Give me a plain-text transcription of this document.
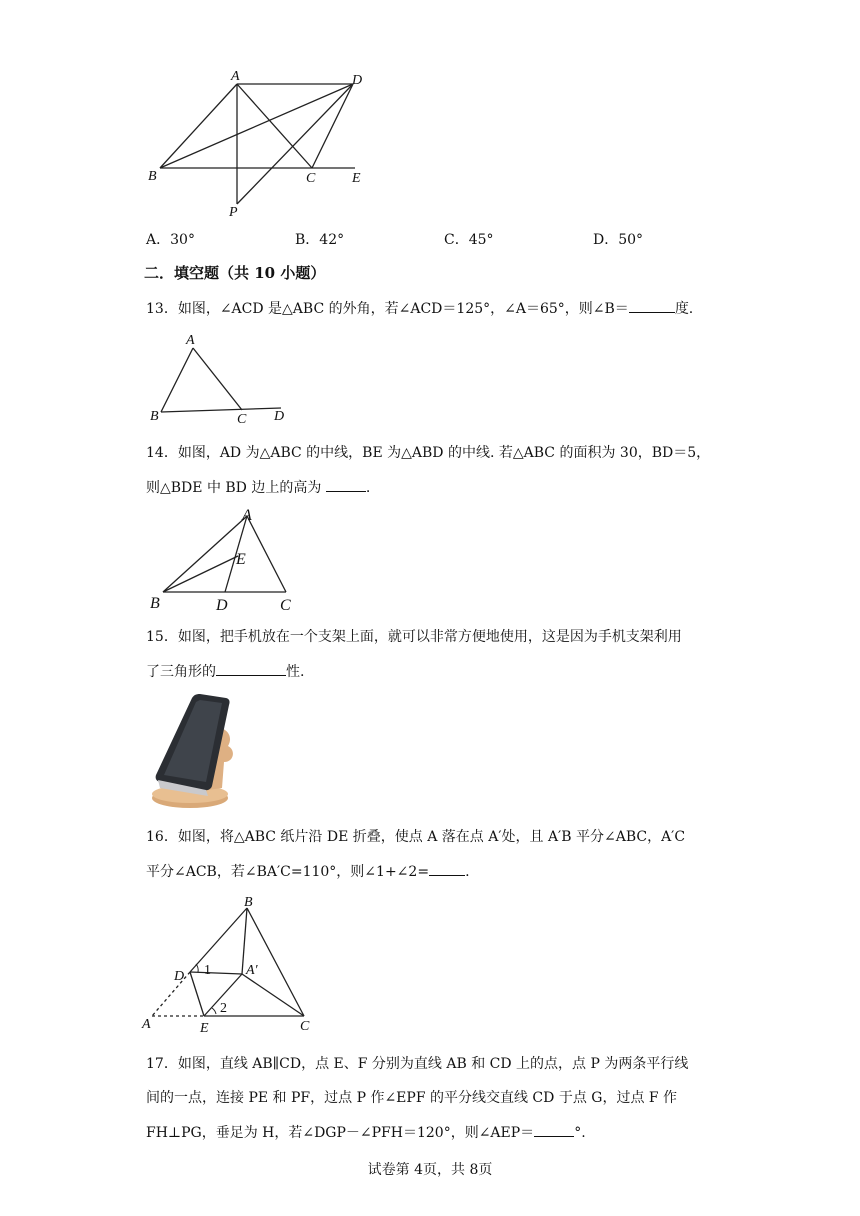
A	D
B	C	E
P
A．30°	B．42°	C．45°	D．50°
二．填空题（共 10 小题）
13．如图，∠ACD 是△ABC 的外角，若∠ACD＝125°，∠A＝65°，则∠B＝	度.
A
B	C D
14．如图，AD 为△ABC 的中线，BE 为△ABD 的中线. 若△ABC 的面积为 30，BD＝5，
则△BDE 中 BD 边上的高为	.
A
E
B	D	C
15．如图，把手机放在一个支架上面，就可以非常方便地使用，这是因为手机支架利用
了三角形的	性.
16．如图，将△ABC 纸片沿 DE 折叠，使点 A 落在点 A′处，且 A′B 平分∠ABC，A′C
平分∠ACB，若∠BA′C=110°，则∠1+∠2=	.
B
D 1	A′
2
A	E	C
17．如图，直线 AB∥CD，点 E、F 分别为直线 AB 和 CD 上的点，点 P 为两条平行线
间的一点，连接 PE 和 PF，过点 P 作∠EPF 的平分线交直线 CD 于点 G，过点 F 作
FH⊥PG，垂足为 H，若∠DGP－∠PFH＝120°，则∠AEP＝	°.
试卷第 4页，共 8页
